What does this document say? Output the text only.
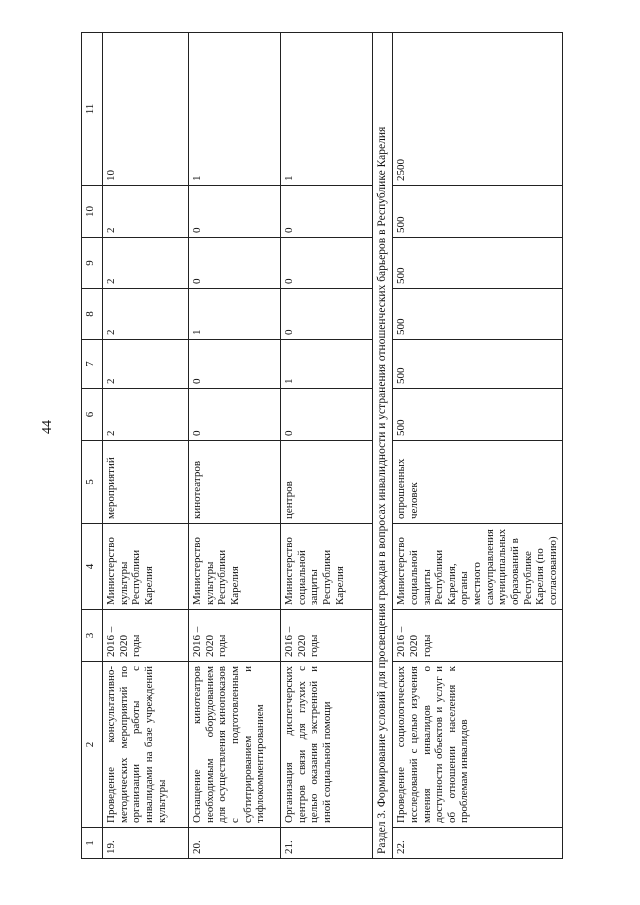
44
1	2	3	4	5	6	7	8	9	10	11
19.	Проведение консультативно-методических мероприятий по организации работы с инвалидами на базе учреждений культуры	2016 – 2020 годы	Министерство культуры Республики Карелия	мероприятий	2	2	2	2	2	10
20.	Оснащение кинотеатров необходимым оборудованием для осуществления кинопоказов с подготовленным субтитрированием и тифлокомментированием	2016 – 2020 годы	Министерство культуры Республики Карелия	кинотеатров	0	0	1	0	0	1
21.	Организация диспетчерских центров связи для глухих с целью оказания экстренной и иной социальной помощи	2016 – 2020 годы	Министерство социальной защиты Республики Карелия	центров	0	1	0	0	0	1
Раздел 3. Формирование условий для просвещения граждан в вопросах инвалидности и устранения отношенческих барьеров в Республике Карелия										
22.	Проведение социологических исследований с целью изучения мнения инвалидов о доступности объектов и услуг и об отношении населения к проблемам инвалидов	2016 – 2020 годы	Министерство социальной защиты Республики Карелия, органы местного самоуправления муниципальных образований в Республике Карелия (по согласованию)	опрошенных человек	500	500	500	500	500	2500
